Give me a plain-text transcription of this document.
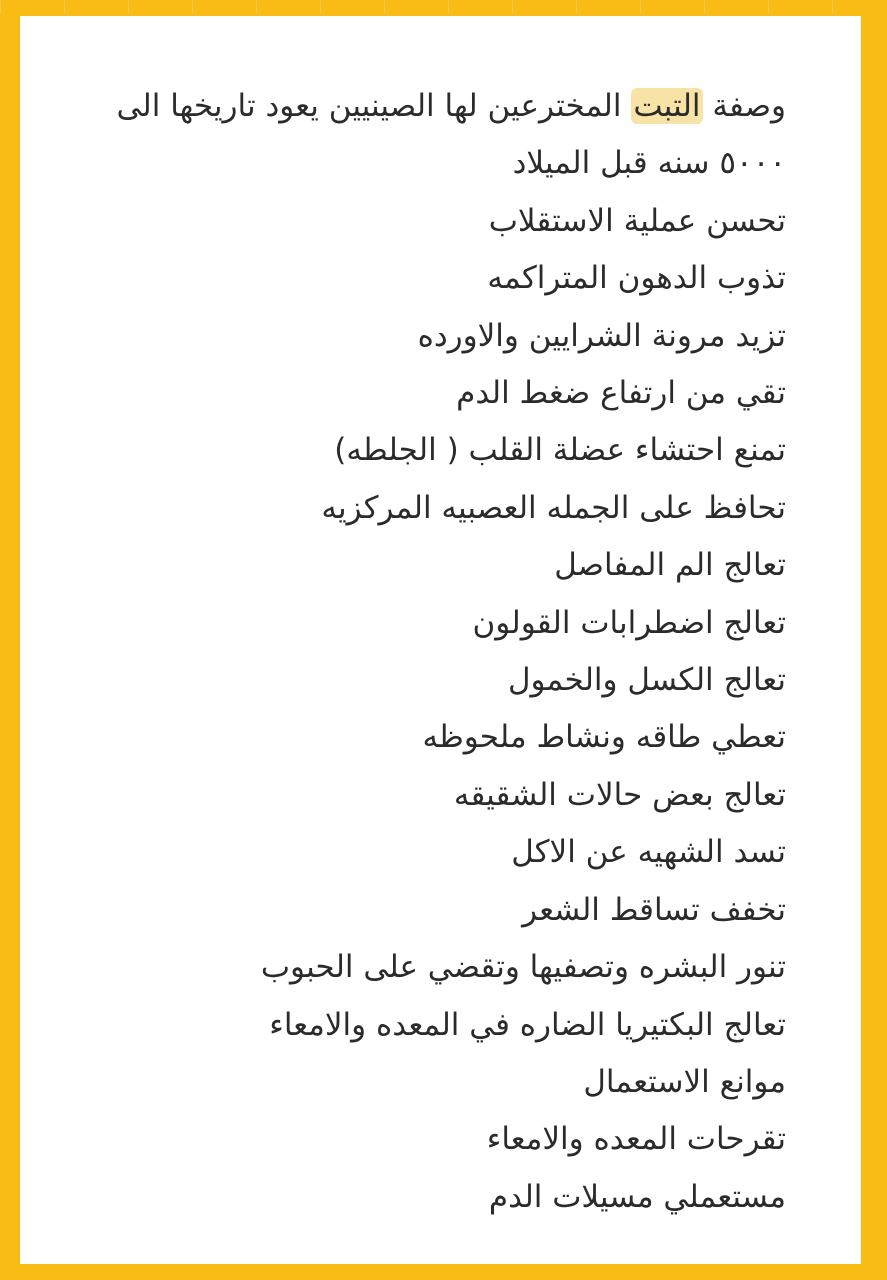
وصفة التبت المخترعين لها الصينيين يعود تاريخها الى
٥٠٠٠ سنه قبل الميلاد
تحسن عملية الاستقلاب
تذوب الدهون المتراكمه
تزيد مرونة الشرايين والاورده
تقي من ارتفاع ضغط الدم
تمنع احتشاء عضلة القلب ( الجلطه)
تحافظ على الجمله العصبيه المركزيه
تعالج الم المفاصل
تعالج اضطرابات القولون
تعالج الكسل والخمول
تعطي طاقه ونشاط ملحوظه
تعالج بعض حالات الشقيقه
تسد الشهيه عن الاكل
تخفف تساقط الشعر
تنور البشره وتصفيها وتقضي على الحبوب
تعالج البكتيريا الضاره في المعده والامعاء
موانع الاستعمال
تقرحات المعده والامعاء
مستعملي مسيلات الدم
